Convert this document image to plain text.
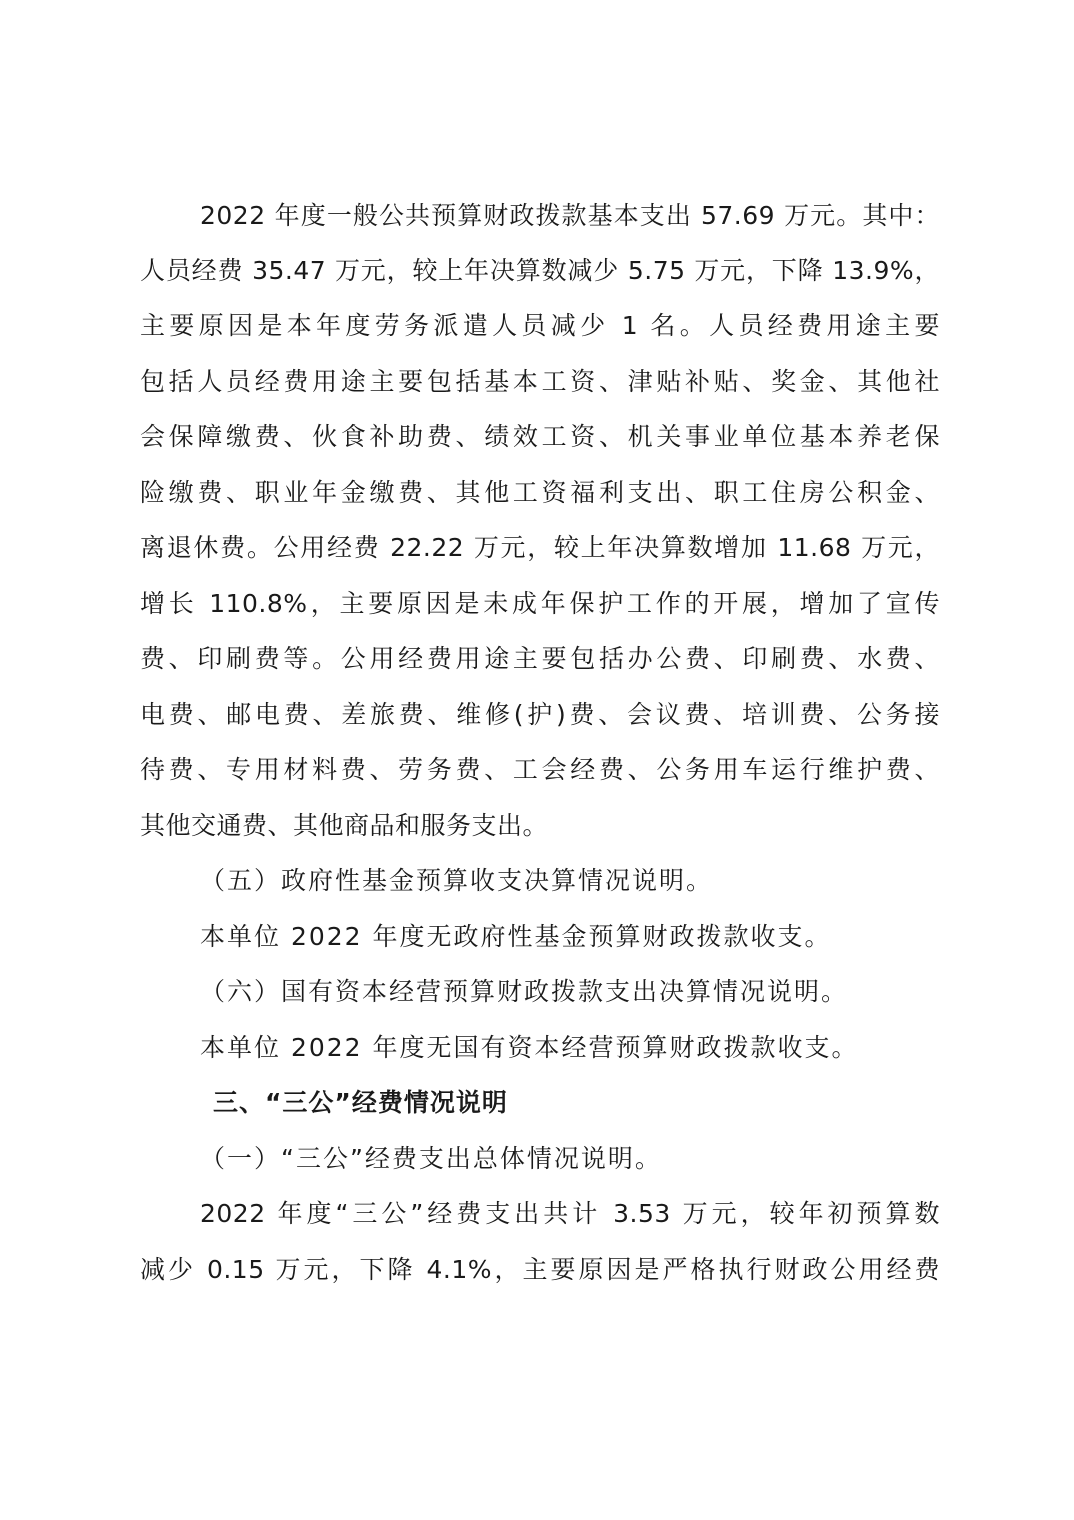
2022 年度一般公共预算财政拨款基本支出 57.69 万元。其中：
人员经费 35.47 万元，较上年决算数减少 5.75 万元，下降 13.9%，
主要原因是本年度劳务派遣人员减少 1 名。人员经费用途主要
包括人员经费用途主要包括基本工资、津贴补贴、奖金、其他社
会保障缴费、伙食补助费、绩效工资、机关事业单位基本养老保
险缴费、职业年金缴费、其他工资福利支出、职工住房公积金、
离退休费。公用经费 22.22 万元，较上年决算数增加 11.68 万元，
增长 110.8%，主要原因是未成年保护工作的开展，增加了宣传
费、印刷费等。公用经费用途主要包括办公费、印刷费、水费、
电费、邮电费、差旅费、维修(护)费、会议费、培训费、公务接
待费、专用材料费、劳务费、工会经费、公务用车运行维护费、
其他交通费、其他商品和服务支出。
（五）政府性基金预算收支决算情况说明。
本单位 2022 年度无政府性基金预算财政拨款收支。
（六）国有资本经营预算财政拨款支出决算情况说明。
本单位 2022 年度无国有资本经营预算财政拨款收支。
三、“三公”经费情况说明
（一）“三公”经费支出总体情况说明。
2022 年度“三公”经费支出共计 3.53 万元，较年初预算数
减少 0.15 万元，下降 4.1%，主要原因是严格执行财政公用经费
